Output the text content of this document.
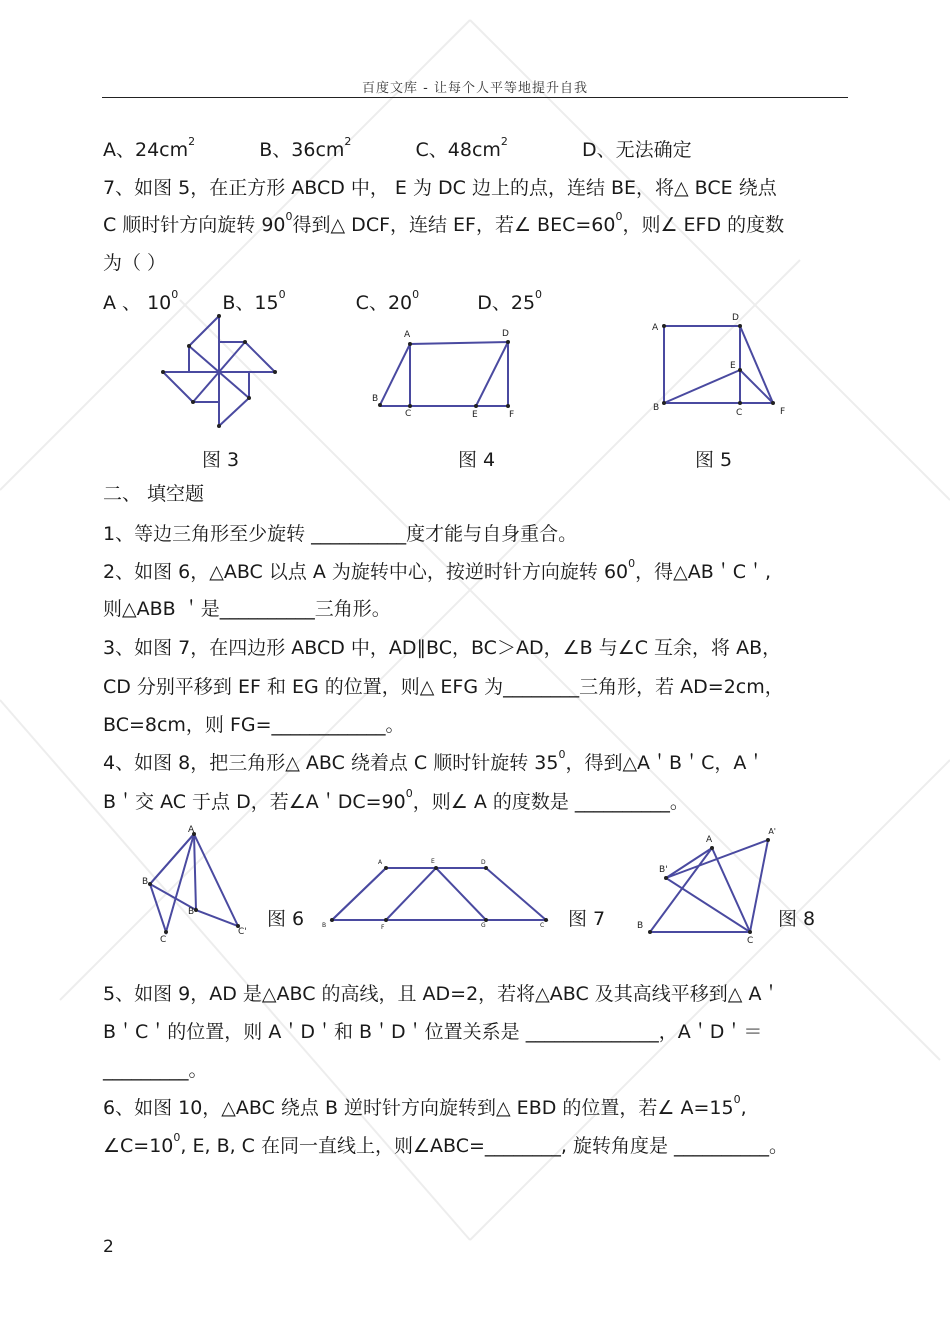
百度文库 - 让每个人平等地提升自我
A、$24cm^2$	B、$36cm^2$	C、$48cm^2$	D、无法确定
7、如图 5，在正方形 ABCD 中， E 为 DC 边上的点，连结 BE，将△ BCE 绕点
C 顺时针方向旋转 $90^0$得到△ DCF，连结 EF，若∠ $BEC=60^0$，则∠ EFD 的度数
为（ ）
A 、 $10^0$ B、$15^0$	C、$20^0$	D、$25^0$
图 3
A	D
B
C	E	F
图 4
A
D
E
B	C	F
图 5
二、 填空题
1、等边三角形至少旋转 __________度才能与自身重合。
2、如图 6，△ABC 以点 A 为旋转中心，按逆时针方向旋转 $60^0$，得△AB＇C＇,
则△ABB ＇是__________三角形。
3、如图 7，在四边形 ABCD 中，AD∥BC，BC＞AD，∠B 与∠C 互余，将 AB，
CD 分别平移到 EF 和 EG 的位置，则△ EFG 为________三角形，若 AD=2cm，
BC=8cm，则 FG=____________。
4、如图 8，把三角形△ ABC 绕着点 C 顺时针旋转 $35^0$，得到△A＇B＇C，A＇
B＇交 AC 于点 D，若∠A＇$DC=90^0$，则∠ A 的度数是 __________。
A
B
B'
C
C'
图 6
A	E	D
B	F	G	C 图 7
A
A'
B'
B
C
图 8
5、如图 9，AD 是△ABC 的高线，且 AD=2，若将△ABC 及其高线平移到△ A＇
B＇C＇的位置，则 A＇D＇和 B＇D＇位置关系是 ______________，A＇D＇＝
_________。
6、如图 10，△ABC 绕点 B 逆时针方向旋转到△ EBD 的位置，若∠ $A=15^0$,
$\angle C=10^0$, E, B, C 在同一直线上，则∠ABC=________, 旋转角度是 __________。
2
